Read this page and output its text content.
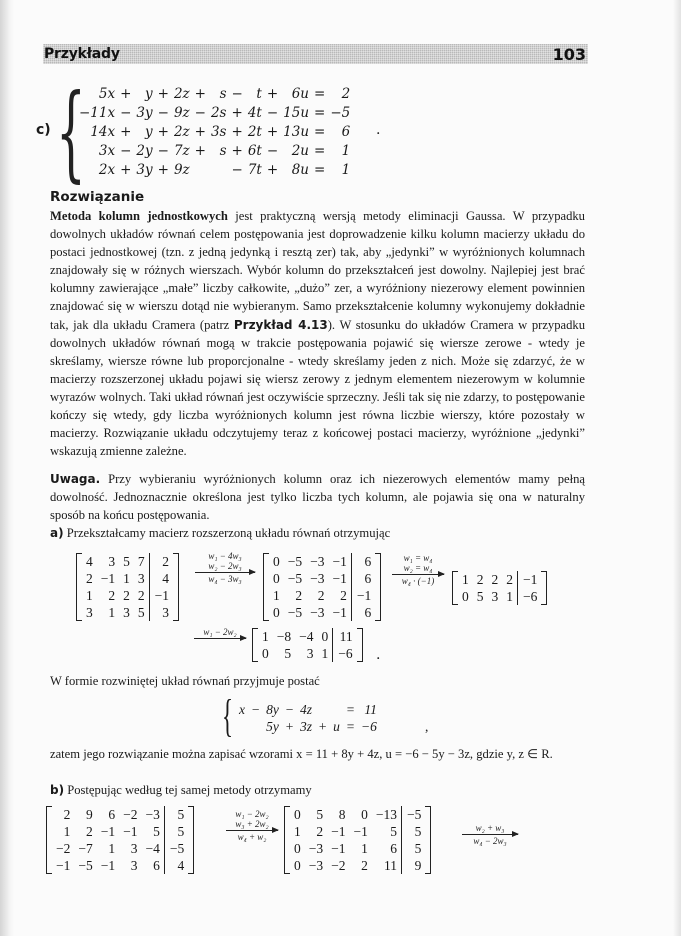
Przykłady	103
c) { 5x	+	y	+	2z	+	s	−	t	+	6u	=	2
−11x	−	3y	−	9z	−	2s	+	4t	−	15u	=	−5
14x	+	y	+	2z	+	3s	+	2t	+	13u	=	6
3x	−	2y	−	7z	+	s	+	6t	−	2u	=	1
2x	+	3y	+	9z			−	7t	+	8u	=	1
.
Rozwiązanie
Metoda kolumn jednostkowych jest praktyczną wersją metody eliminacji Gaussa. W przypadku dowolnych układów równań celem postępowania jest doprowadzenie kilku kolumn macierzy układu do postaci jednostkowej (tzn. z jedną jedynką i resztą zer) tak, aby „jedynki” w wyróżnionych kolumnach znajdowały się w różnych wierszach. Wybór kolumn do przekształceń jest dowolny. Najlepiej jest brać kolumny zawierające „małe” liczby całkowite, „dużo” zer, a wyróżniony niezerowy element powinnien znajdować się w wierszu dotąd nie wybieranym. Samo przekształcenie kolumny wykonujemy dokładnie tak, jak dla układu Cramera (patrz Przykład 4.13). W stosunku do układów Cramera w przypadku dowolnych układów równań mogą w trakcie postępowania pojawić się wiersze zerowe - wtedy je skreślamy, wiersze równe lub proporcjonalne - wtedy skreślamy jeden z nich. Może się zdarzyć, że w macierzy rozszerzonej układu pojawi się wiersz zerowy z jednym elementem niezerowym w kolumnie wyrazów wolnych. Taki układ równań jest oczywiście sprzeczny. Jeśli tak się nie zdarzy, to postępowanie kończy się wtedy, gdy liczba wyróżnionych kolumn jest równa liczbie wierszy, które pozostały w macierzy. Rozwiązanie układu odczytujemy teraz z końcowej postaci macierzy, wyróżnione „jedynki” wskazują zmienne zależne.
Uwaga. Przy wybieraniu wyróżnionych kolumn oraz ich niezerowych elementów mamy pełną dowolność. Jednoznacznie określona jest tylko liczba tych kolumn, ale pojawia się ona w naturalny sposób na końcu postępowania.
a) Przekształcamy macierz rozszerzoną układu równań otrzymując
4	3	5	7	2
2	−1	1	3	4
1	2	2	2	−1
3	1	3	5	3
w₁ − 4w₃
w₂ − 2w₃
w₄ − 3w₃
0	−5	−3	−1	6
0	−5	−3	−1	6
1	2	2	2	−1
0	−5	−3	−1	6
w₁ = w₄
w₂ = w₄
w₄ · (−1)	1	2	2	2	−1
0	5	3	1	−6
w₁ − 2w₂	1	−8	−4	0	11
0	5	3	1	−6 .
W formie rozwiniętej układ równań przyjmuje postać
{ x	−	8y	−	4z			=	11
		5y	+	3z	+	u	=	−6	,
zatem jego rozwiązanie można zapisać wzorami x = 11 + 8y + 4z, u = −6 − 5y − 3z, gdzie y, z ∈ R.
b) Postępując według tej samej metody otrzymamy
2	9	6	−2	−3	5
1	2	−1	−1	5	5
−2	−7	1	3	−4	−5
−1	−5	−1	3	6	4
w₁ − 2w₂
w₃ + 2w₂
w₄ + w₂
0	5	8	0	−13	−5
1	2	−1	−1	5	5
0	−3	−1	1	6	5
0	−3	−2	2	11	9
w₂ + w₃
w₄ − 2w₃
